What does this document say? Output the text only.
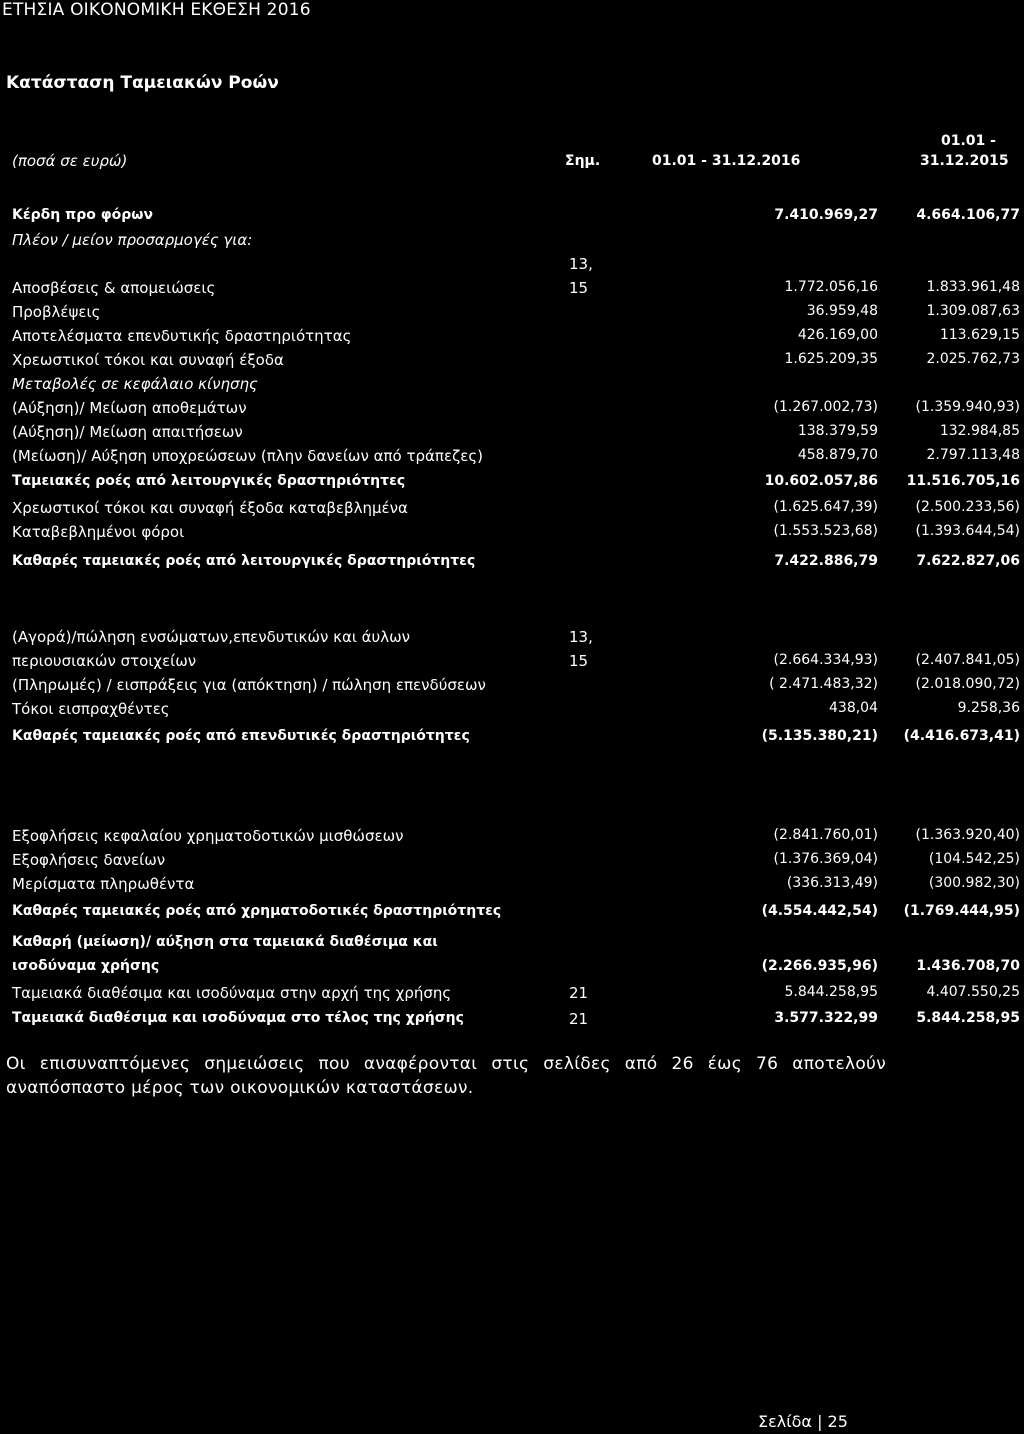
ΕΤΗΣΙΑ ΟΙΚΟΝΟΜΙΚΗ ΕΚΘΕΣΗ 2016
Κατάσταση Ταμειακών Ροών
(ποσά σε ευρώ)	Σημ.	01.01 - 31.12.2016
01.01 -
31.12.2015
Κέρδη προ φόρων	7.410.969,27	4.664.106,77
Πλέον / μείον προσαρμογές για:
13,
Αποσβέσεις & απομειώσεις	15	1.772.056,16	1.833.961,48
Προβλέψεις	36.959,48	1.309.087,63
Αποτελέσματα επενδυτικής δραστηριότητας	426.169,00	113.629,15
Χρεωστικοί τόκοι και συναφή έξοδα	1.625.209,35	2.025.762,73
Μεταβολές σε κεφάλαιο κίνησης
(Αύξηση)/ Μείωση αποθεμάτων	(1.267.002,73)	(1.359.940,93)
(Αύξηση)/ Μείωση απαιτήσεων	138.379,59	132.984,85
(Μείωση)/ Αύξηση υποχρεώσεων (πλην δανείων από τράπεζες)	458.879,70	2.797.113,48
Ταμειακές ροές από λειτουργικές δραστηριότητες	10.602.057,86 11.516.705,16
Χρεωστικοί τόκοι και συναφή έξοδα καταβεβλημένα	(1.625.647,39)	(2.500.233,56)
Καταβεβλημένοι φόροι	(1.553.523,68)	(1.393.644,54)
Καθαρές ταμειακές ροές από λειτουργικές δραστηριότητες	7.422.886,79	7.622.827,06
(Αγορά)/πώληση ενσώματων,επενδυτικών και άυλων	13,
περιουσιακών στοιχείων	15	(2.664.334,93)	(2.407.841,05)
(Πληρωμές) / εισπράξεις για (απόκτηση) / πώληση επενδύσεων	( 2.471.483,32)	(2.018.090,72)
Τόκοι εισπραχθέντες	438,04	9.258,36
Καθαρές ταμειακές ροές από επενδυτικές δραστηριότητες	(5.135.380,21) (4.416.673,41)
Εξοφλήσεις κεφαλαίου χρηματοδοτικών μισθώσεων	(2.841.760,01)	(1.363.920,40)
Εξοφλήσεις δανείων	(1.376.369,04)	(104.542,25)
Μερίσματα πληρωθέντα	(336.313,49)	(300.982,30)
Καθαρές ταμειακές ροές από χρηματοδοτικές δραστηριότητες	(4.554.442,54) (1.769.444,95)
Καθαρή (μείωση)/ αύξηση στα ταμειακά διαθέσιμα και
ισοδύναμα χρήσης	(2.266.935,96)	1.436.708,70
Ταμειακά διαθέσιμα και ισοδύναμα στην αρχή της χρήσης	21	5.844.258,95	4.407.550,25
Ταμειακά διαθέσιμα και ισοδύναμα στο τέλος της χρήσης	21	3.577.322,99	5.844.258,95
Οι επισυναπτόμενες σημειώσεις που αναφέρονται στις σελίδες από 26 έως 76 αποτελούν αναπόσπαστο μέρος των οικονομικών καταστάσεων.
Σελίδα | 25
